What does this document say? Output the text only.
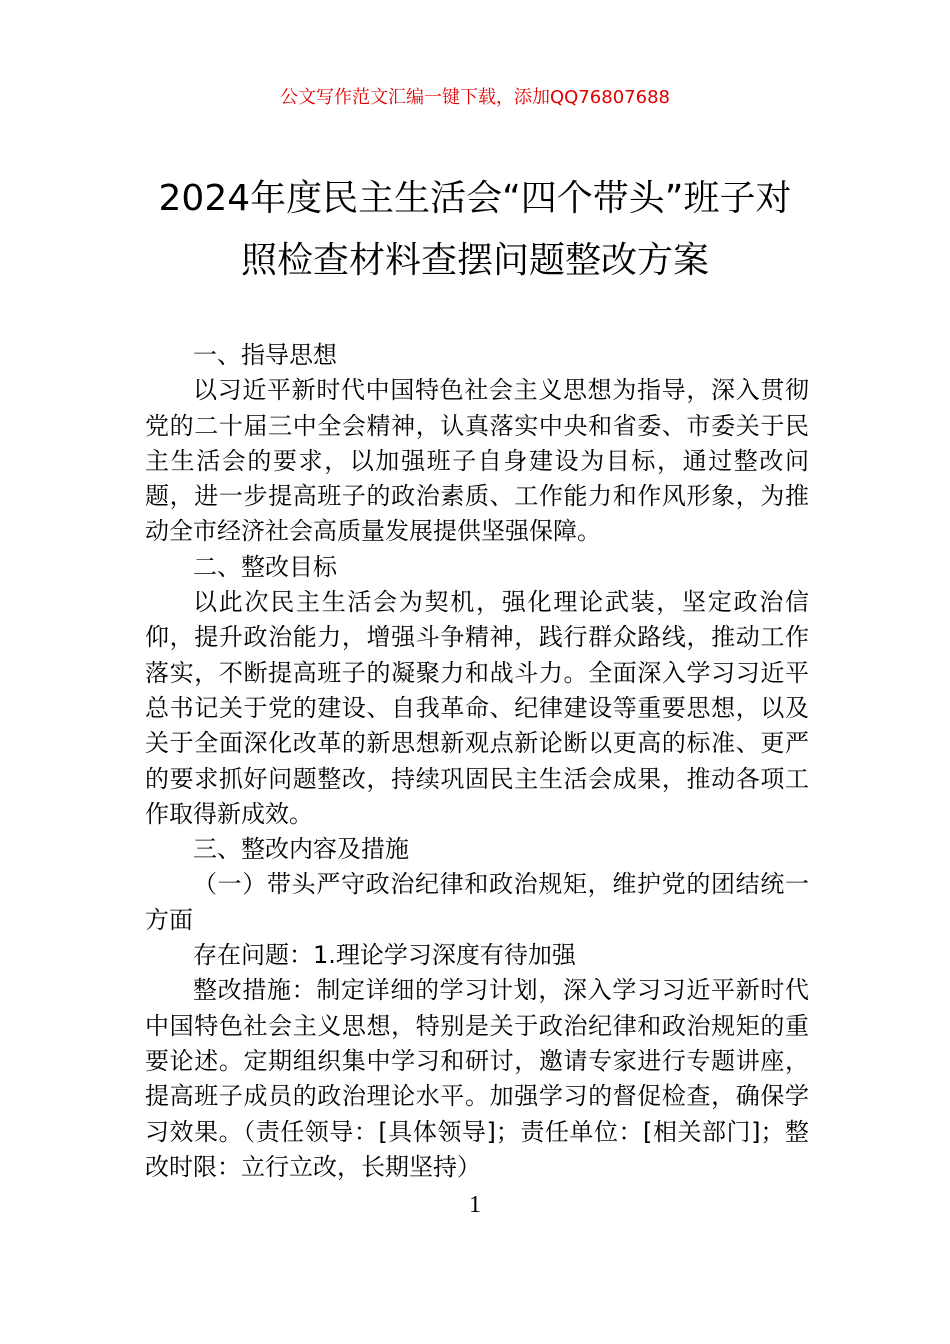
公文写作范文汇编一键下载，添加QQ76807688
2024年度民主生活会“四个带头”班子对
照检查材料查摆问题整改方案

一、指导思想

以习近平新时代中国特色社会主义思想为指导，深入贯彻党的二十届三中全会精神，认真落实中央和省委、市委关于民主生活会的要求，以加强班子自身建设为目标，通过整改问题，进一步提高班子的政治素质、工作能力和作风形象，为推动全市经济社会高质量发展提供坚强保障。

二、整改目标

以此次民主生活会为契机，强化理论武装，坚定政治信仰，提升政治能力，增强斗争精神，践行群众路线，推动工作落实，不断提高班子的凝聚力和战斗力。全面深入学习习近平总书记关于党的建设、自我革命、纪律建设等重要思想，以及关于全面深化改革的新思想新观点新论断以更高的标准、更严的要求抓好问题整改，持续巩固民主生活会成果，推动各项工作取得新成效。

三、整改内容及措施

（一）带头严守政治纪律和政治规矩，维护党的团结统一方面

存在问题：1.理论学习深度有待加强

整改措施：制定详细的学习计划，深入学习习近平新时代中国特色社会主义思想，特别是关于政治纪律和政治规矩的重要论述。定期组织集中学习和研讨，邀请专家进行专题讲座，提高班子成员的政治理论水平。加强学习的督促检查，确保学习效果。（责任领导：[具体领导]；责任单位：[相关部门]；整改时限：立行立改，长期坚持）

1
